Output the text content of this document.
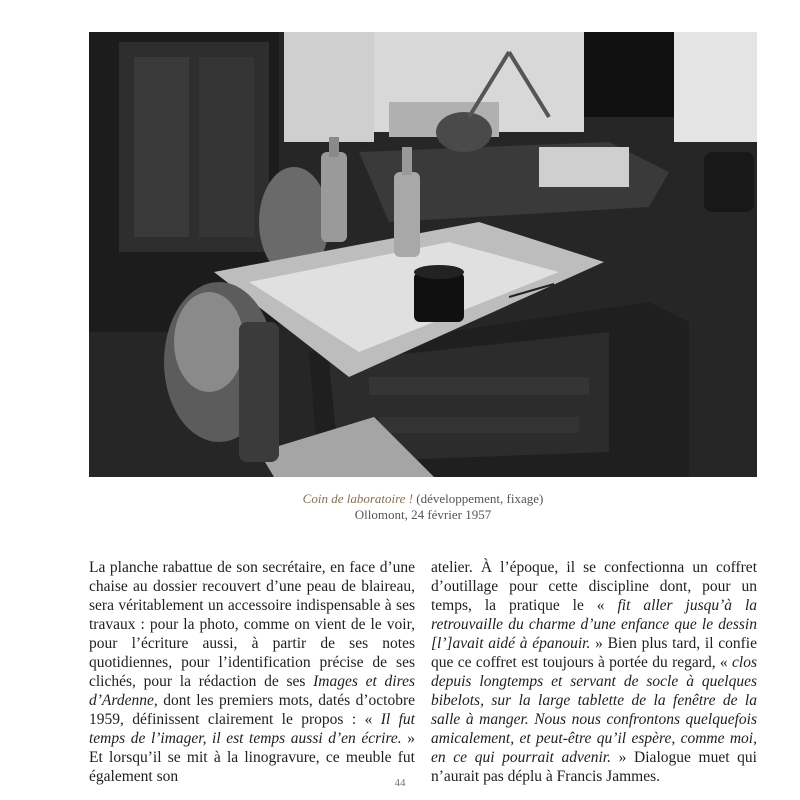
Coin de laboratoire ! (développement, fixage)
Ollomont, 24 février 1957

La planche rabattue de son secrétaire, en face d’une chaise au dossier recouvert d’une peau de blaireau, sera véritablement un accessoire indispensable à ses travaux : pour la photo, comme on vient de le voir, pour l’écriture aussi, à partir de ses notes quotidiennes, pour l’identification précise de ses clichés, pour la rédaction de ses Images et dires d’Ardenne, dont les premiers mots, datés d’octobre 1959, définissent clairement le propos : « Il fut temps de l’imager, il est temps aussi d’en écrire. » Et lorsqu’il se mit à la linogravure, ce meuble fut également son

atelier. À l’époque, il se confectionna un coffret d’outillage pour cette discipline dont, pour un temps, la pratique le « fit aller jusqu’à la retrouvaille du charme d’une enfance que le dessin [l’]avait aidé à épanouir. » Bien plus tard, il confie que ce coffret est toujours à portée du regard, « clos depuis longtemps et servant de socle à quelques bibelots, sur la large tablette de la fenêtre de la salle à manger. Nous nous confrontons quelquefois amicalement, et peut-être qu’il espère, comme moi, en ce qui pourrait advenir. » Dialogue muet qui n’aurait pas déplu à Francis Jammes.

44
